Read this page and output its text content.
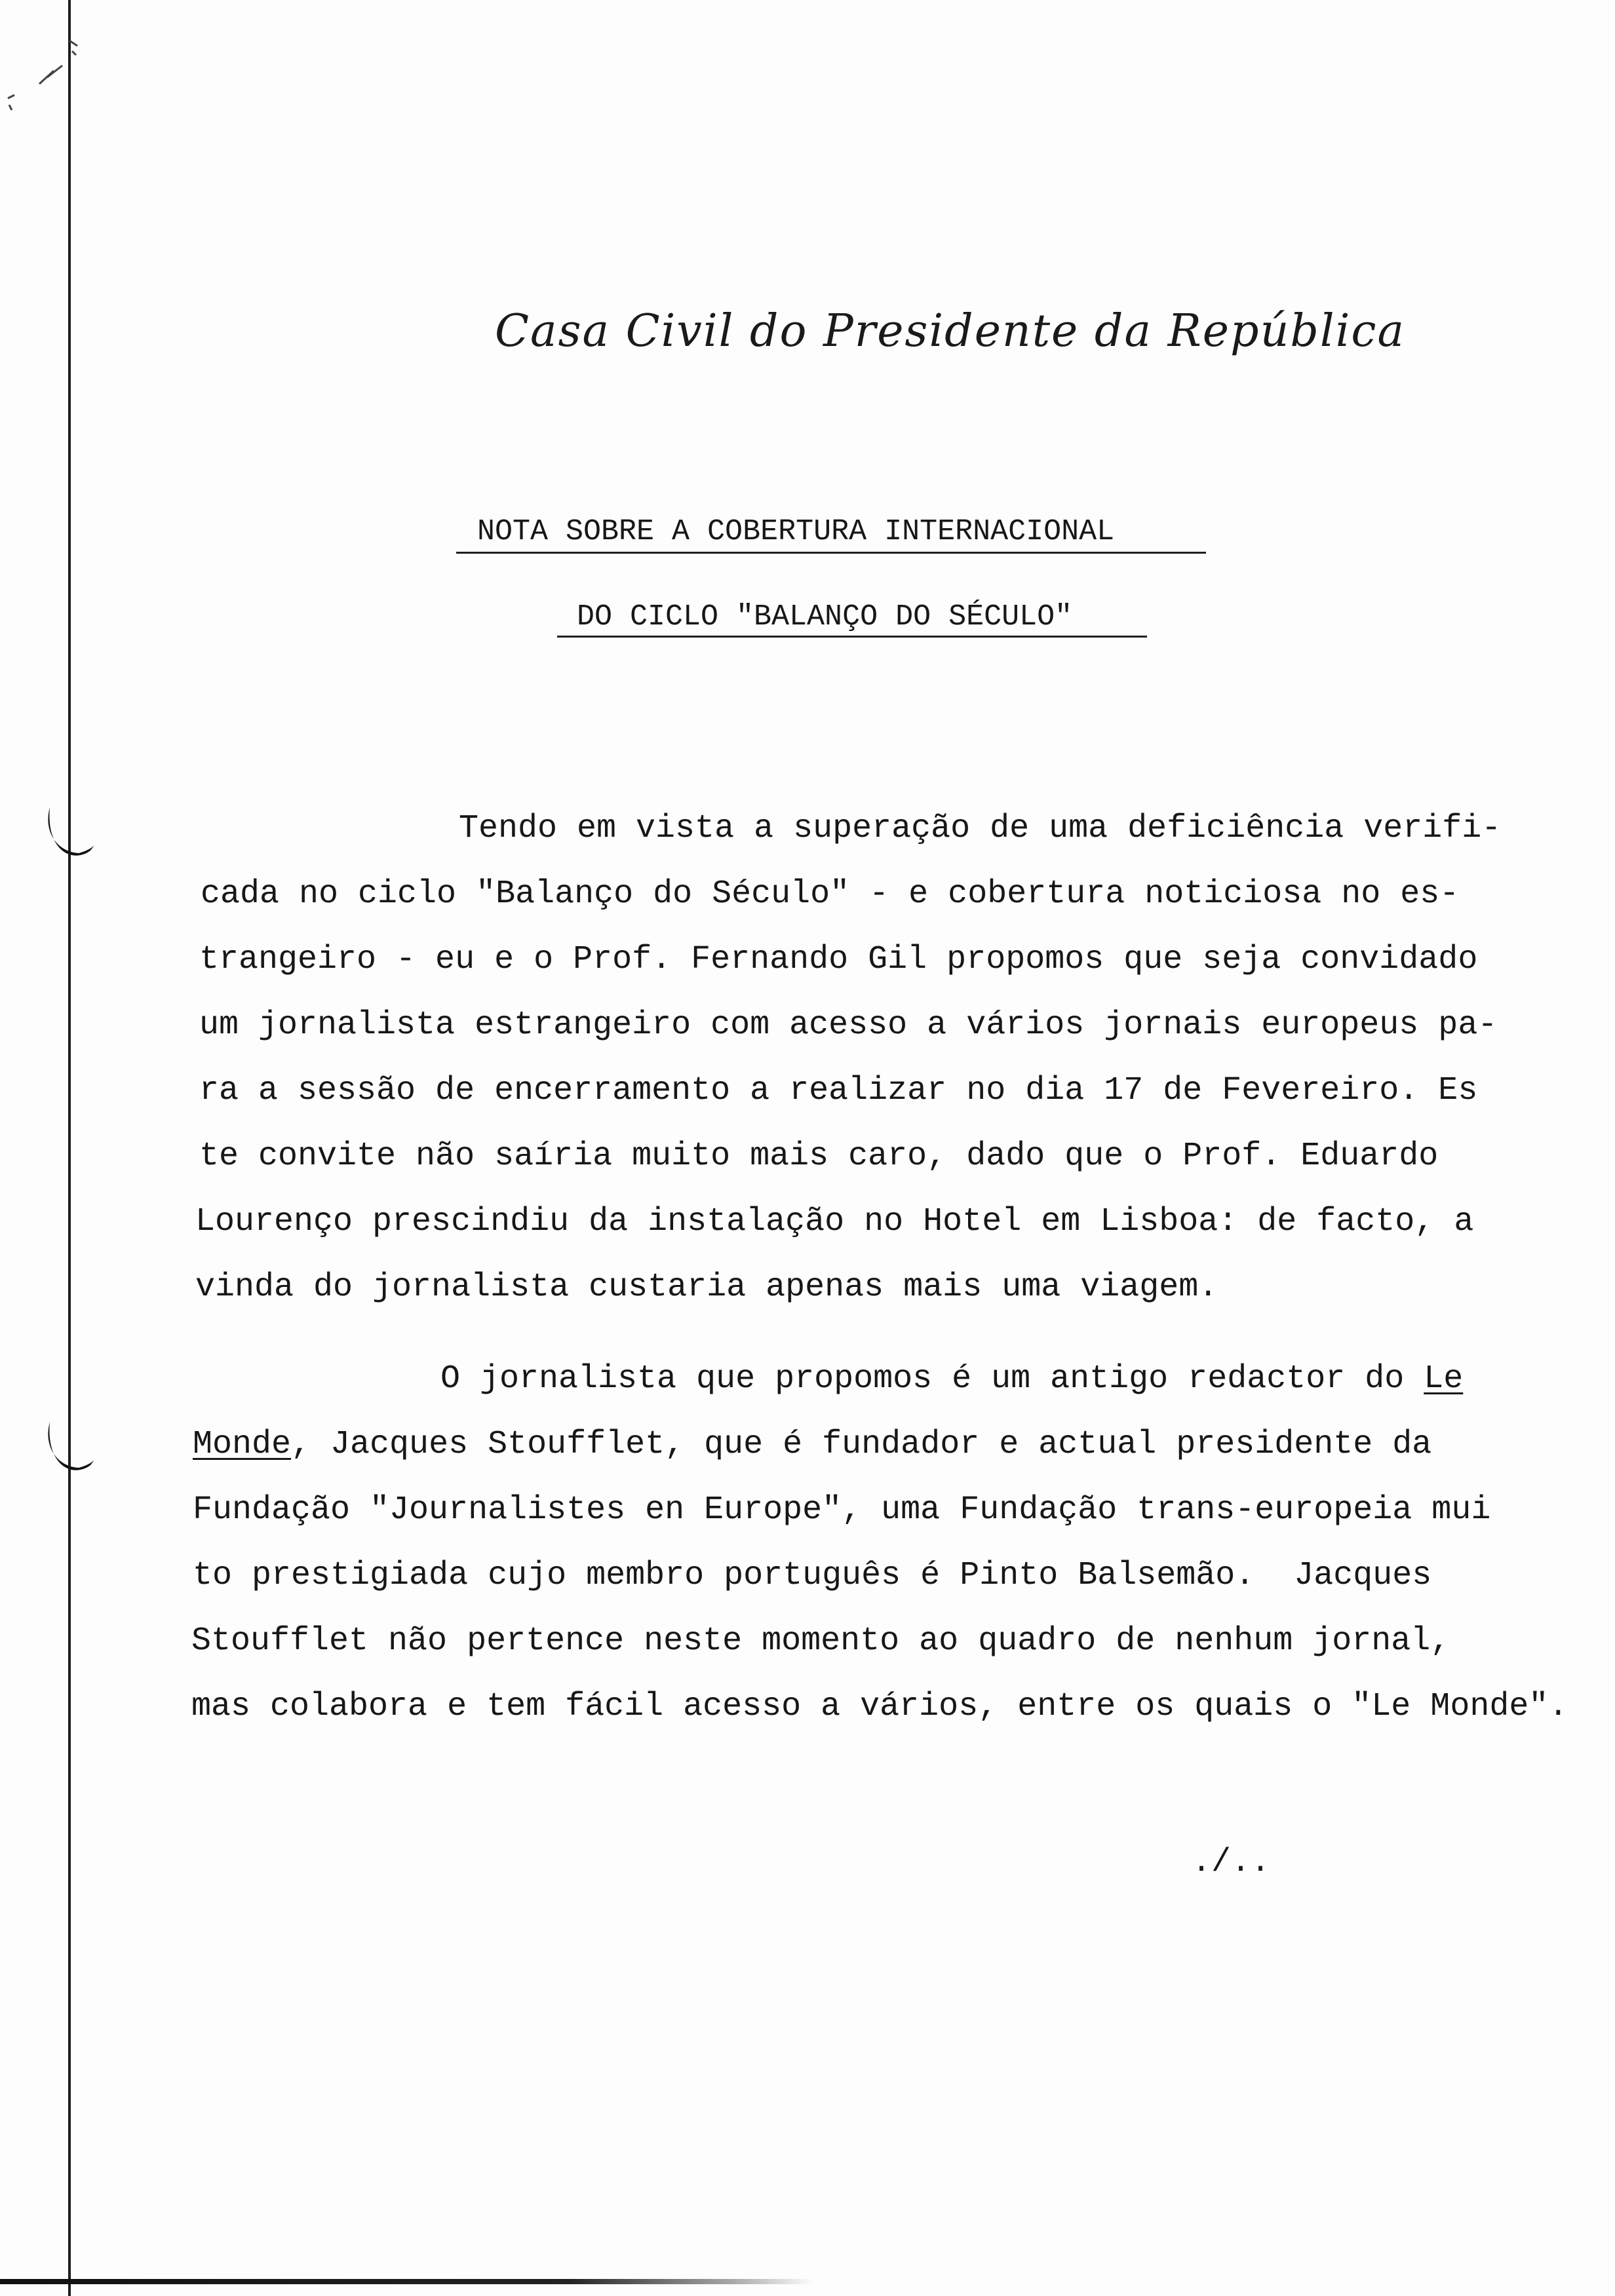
Casa Civil do Presidente da República
NOTA SOBRE A COBERTURA INTERNACIONAL
DO CICLO "BALANÇO DO SÉCULO"
Tendo em vista a superação de uma deficiência verifi-
cada no ciclo "Balanço do Século" - e cobertura noticiosa no es-
trangeiro - eu e o Prof. Fernando Gil propomos que seja convidado
um jornalista estrangeiro com acesso a vários jornais europeus pa-
ra a sessão de encerramento a realizar no dia 17 de Fevereiro. Es
te convite não saíria muito mais caro, dado que o Prof. Eduardo
Lourenço prescindiu da instalação no Hotel em Lisboa: de facto, a
vinda do jornalista custaria apenas mais uma viagem.
O jornalista que propomos é um antigo redactor do Le
Monde, Jacques Stoufflet, que é fundador e actual presidente da
Fundação "Journalistes en Europe", uma Fundação trans-europeia mui
to prestigiada cujo membro português é Pinto Balsemão.  Jacques
Stoufflet não pertence neste momento ao quadro de nenhum jornal,
mas colabora e tem fácil acesso a vários, entre os quais o "Le Monde".
./..
